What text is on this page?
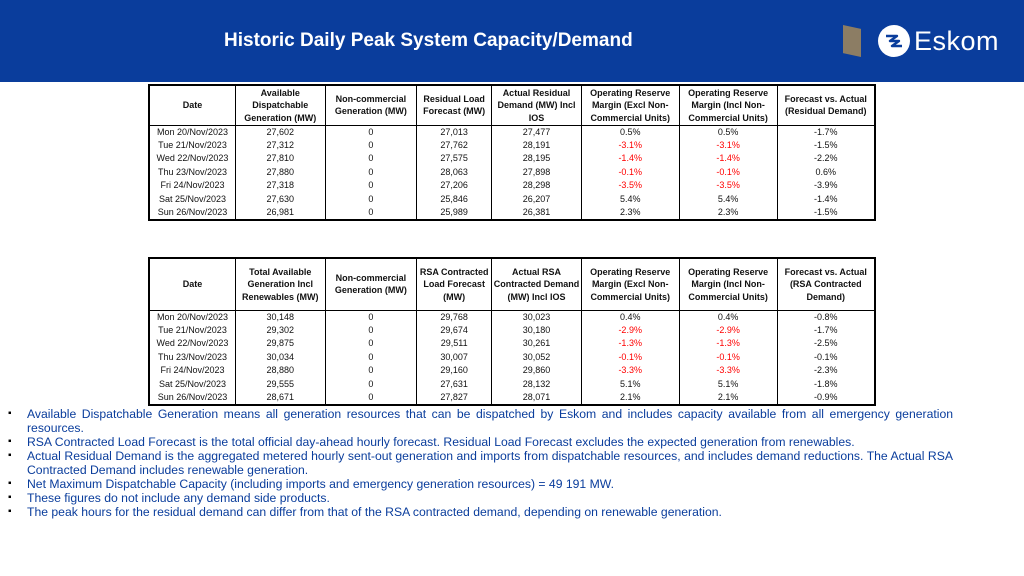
Historic Daily Peak System Capacity/Demand	Eskom
Date	Available Dispatchable Generation (MW)	Non-commercial Generation (MW)	Residual Load Forecast (MW)	Actual Residual Demand (MW) Incl IOS	Operating Reserve Margin (Excl Non-Commercial Units)	Operating Reserve Margin (Incl Non-Commercial Units)	Forecast vs. Actual (Residual Demand)
Mon 20/Nov/2023	27,602	0	27,013	27,477	0.5%	0.5%	-1.7%
Tue 21/Nov/2023	27,312	0	27,762	28,191	-3.1%	-3.1%	-1.5%
Wed 22/Nov/2023	27,810	0	27,575	28,195	-1.4%	-1.4%	-2.2%
Thu 23/Nov/2023	27,880	0	28,063	27,898	-0.1%	-0.1%	0.6%
Fri 24/Nov/2023	27,318	0	27,206	28,298	-3.5%	-3.5%	-3.9%
Sat 25/Nov/2023	27,630	0	25,846	26,207	5.4%	5.4%	-1.4%
Sun 26/Nov/2023	26,981	0	25,989	26,381	2.3%	2.3%	-1.5%
Date	Total Available Generation Incl Renewables (MW)	Non-commercial Generation (MW)	RSA Contracted Load Forecast (MW)	Actual RSA Contracted Demand (MW) Incl IOS	Operating Reserve Margin (Excl Non-Commercial Units)	Operating Reserve Margin (Incl Non-Commercial Units)	Forecast vs. Actual (RSA Contracted Demand)
Mon 20/Nov/2023	30,148	0	29,768	30,023	0.4%	0.4%	-0.8%
Tue 21/Nov/2023	29,302	0	29,674	30,180	-2.9%	-2.9%	-1.7%
Wed 22/Nov/2023	29,875	0	29,511	30,261	-1.3%	-1.3%	-2.5%
Thu 23/Nov/2023	30,034	0	30,007	30,052	-0.1%	-0.1%	-0.1%
Fri 24/Nov/2023	28,880	0	29,160	29,860	-3.3%	-3.3%	-2.3%
Sat 25/Nov/2023	29,555	0	27,631	28,132	5.1%	5.1%	-1.8%
Sun 26/Nov/2023	28,671	0	27,827	28,071	2.1%	2.1%	-0.9%
▪ Available Dispatchable Generation means all generation resources that can be dispatched by Eskom and includes capacity available from all emergency generation resources.
▪ RSA Contracted Load Forecast is the total official day-ahead hourly forecast. Residual Load Forecast excludes the expected generation from renewables.
▪ Actual Residual Demand is the aggregated metered hourly sent-out generation and imports from dispatchable resources, and includes demand reductions. The Actual RSA Contracted Demand includes renewable generation.
▪ Net Maximum Dispatchable Capacity (including imports and emergency generation resources) = 49 191 MW.
▪ These figures do not include any demand side products.
▪ The peak hours for the residual demand can differ from that of the RSA contracted demand, depending on renewable generation.
